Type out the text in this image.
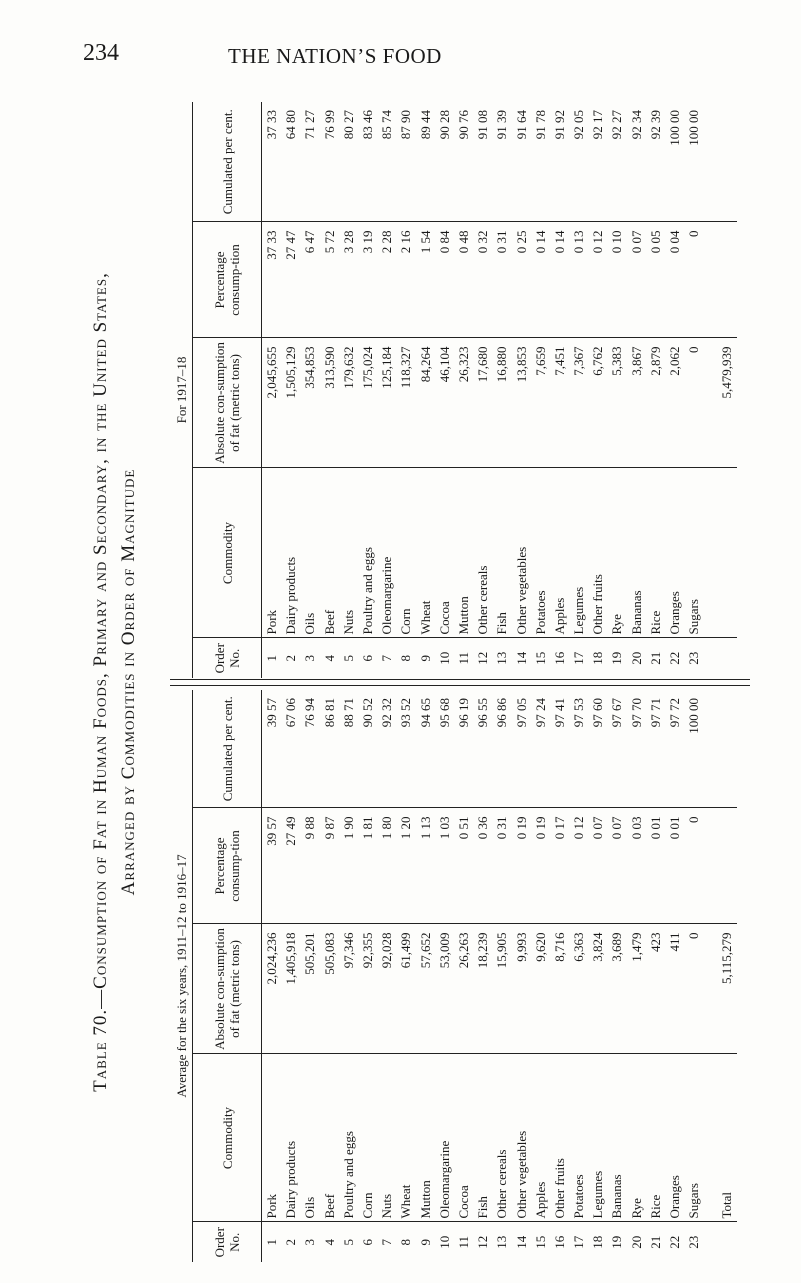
234	THE NATION’S FOOD
Table 70.—Consumption of Fat in Human Foods, Primary and Secondary, in the United States, Arranged by Commodities in Order of Magnitude
Average for the six years, 1911–12 to 1916–17				
Order No.	Commodity	Absolute con-sumption of fat (metric tons)	Percentage consump-tion	Cumulated per cent.
1	Pork	2,024,236	39 57	39 57
2	Dairy products	1,405,918	27 49	67 06
3	Oils	505,201	9 88	76 94
4	Beef	505,083	9 87	86 81
5	Poultry and eggs	97,346	1 90	88 71
6	Corn	92,355	1 81	90 52
7	Nuts	92,028	1 80	92 32
8	Wheat	61,499	1 20	93 52
9	Mutton	57,652	1 13	94 65
10	Oleomargarine	53,009	1 03	95 68
11	Cocoa	26,263	0 51	96 19
12	Fish	18,239	0 36	96 55
13	Other cereals	15,905	0 31	96 86
14	Other vegetables	9,993	0 19	97 05
15	Apples	9,620	0 19	97 24
16	Other fruits	8,716	0 17	97 41
17	Potatoes	6,363	0 12	97 53
18	Legumes	3,824	0 07	97 60
19	Bananas	3,689	0 07	97 67
20	Rye	1,479	0 03	97 70
21	Rice	423	0 01	97 71
22	Oranges	411	0 01	97 72
23	Sugars	0	0	100 00
	Total	5,115,279		
For 1917–18				
Order No.	Commodity	Absolute con-sumption of fat (metric tons)	Percentage consump-tion	Cumulated per cent.
1	Pork	2,045,655	37 33	37 33
2	Dairy products	1,505,129	27 47	64 80
3	Oils	354,853	6 47	71 27
4	Beef	313,590	5 72	76 99
5	Nuts	179,632	3 28	80 27
6	Poultry and eggs	175,024	3 19	83 46
7	Oleomargarine	125,184	2 28	85 74
8	Corn	118,327	2 16	87 90
9	Wheat	84,264	1 54	89 44
10	Cocoa	46,104	0 84	90 28
11	Mutton	26,323	0 48	90 76
12	Other cereals	17,680	0 32	91 08
13	Fish	16,880	0 31	91 39
14	Other vegetables	13,853	0 25	91 64
15	Potatoes	7,659	0 14	91 78
16	Apples	7,451	0 14	91 92
17	Legumes	7,367	0 13	92 05
18	Other fruits	6,762	0 12	92 17
19	Rye	5,383	0 10	92 27
20	Bananas	3,867	0 07	92 34
21	Rice	2,879	0 05	92 39
22	Oranges	2,062	0 04	100 00
23	Sugars	0	0	100 00
		5,479,939		
